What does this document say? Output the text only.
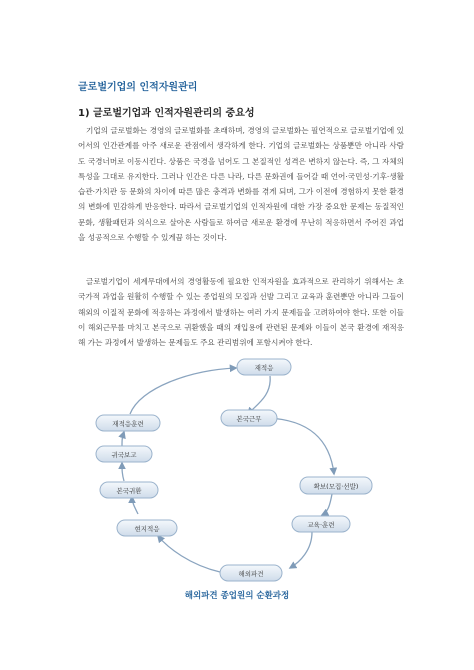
글로벌기업의 인적자원관리
1) 글로벌기업과 인적자원관리의 중요성
기업의 글로벌화는 경영의 글로벌화를 초래하며, 경영의 글로벌화는 필연적으로 글로벌기업에 있어서의 인간관계를 아주 새로운 관점에서 생각하게 한다. 기업의 글로벌화는 상품뿐만 아니라 사람도 국경너머로 이동시킨다. 상품은 국경을 넘어도 그 본질적인 성격은 변하지 않는다. 즉, 그 자체의 특성을 그대로 유지한다. 그러나 인간은 다른 나라, 다른 문화권에 들어갈 때 언어·국민성·기후·생활습관·가치관 등 문화의 차이에 따른 많은 충격과 변화를 겪게 되며, 그가 이전에 경험하지 못한 환경의 변화에 민감하게 반응한다. 따라서 글로벌기업의 인적자원에 대한 가장 중요한 문제는 동질적인 문화, 생활패턴과 의식으로 살아온 사람들로 하여금 새로운 환경에 무난히 적응하면서 주어진 과업을 성공적으로 수행할 수 있게끔 하는 것이다.
글로벌기업이 세계무대에서의 경영활동에 필요한 인적자원을 효과적으로 관리하기 위해서는 초국가적 과업을 원활히 수행할 수 있는 종업원의 모집과 선발 그리고 교육과 훈련뿐만 아니라 그들이 해외의 이질적 문화에 적응하는 과정에서 발생하는 여러 가지 문제들을 고려하여야 한다. 또한 이들이 해외근무를 마치고 본국으로 귀환했을 때의 재입용에 관련된 문제와 이들이 본국 환경에 재적응해 가는 과정에서 발생하는 문제들도 주요 관리범위에 포함시켜야 한다.
재적응
본국근무
확보(모집·선발)
교육·훈련
해외파견
현지적응
본국귀환
귀국보고
재적응훈련
해외파견 종업원의 순환과정
